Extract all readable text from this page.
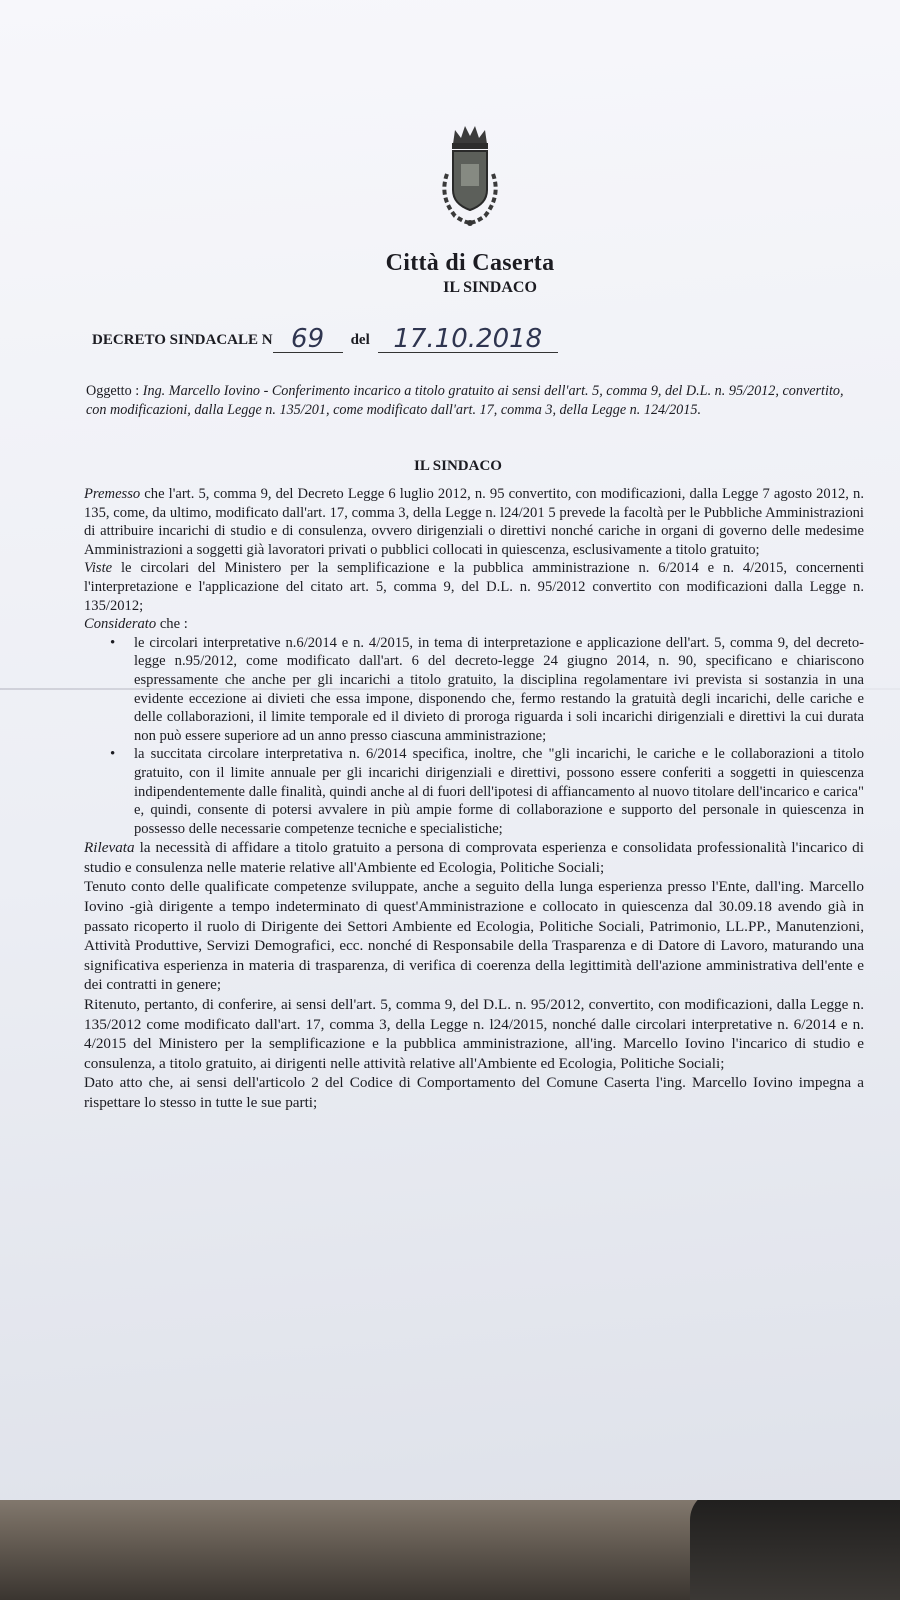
Città di Caserta
IL SINDACO
DECRETO SINDACALE N 69	del 17.10.2018
Oggetto : Ing. Marcello Iovino - Conferimento incarico a titolo gratuito ai sensi dell'art. 5, comma 9, del D.L. n. 95/2012, convertito, con modificazioni, dalla Legge n. 135/201, come modificato dall'art. 17, comma 3, della Legge n. 124/2015.
IL SINDACO

Premesso che l'art. 5, comma 9, del Decreto Legge 6 luglio 2012, n. 95 convertito, con modificazioni, dalla Legge 7 agosto 2012, n. 135, come, da ultimo, modificato dall'art. 17, comma 3, della Legge n. l24/201 5 prevede la facoltà per le Pubbliche Amministrazioni di attribuire incarichi di studio e di consulenza, ovvero dirigenziali o direttivi nonché cariche in organi di governo delle medesime Amministrazioni a soggetti già lavoratori privati o pubblici collocati in quiescenza, esclusivamente a titolo gratuito;

Viste le circolari del Ministero per la semplificazione e la pubblica amministrazione n. 6/2014 e n. 4/2015, concernenti l'interpretazione e l'applicazione del citato art. 5, comma 9, del D.L. n. 95/2012 convertito con modificazioni dalla Legge n. 135/2012;

Considerato che :

• le circolari interpretative n.6/2014 e n. 4/2015, in tema di interpretazione e applicazione dell'art. 5, comma 9, del decreto- legge n.95/2012, come modificato dall'art. 6 del decreto-legge 24 giugno 2014, n. 90, specificano e chiariscono espressamente che anche per gli incarichi a titolo gratuito, la disciplina regolamentare ivi prevista si sostanzia in una evidente eccezione ai divieti che essa impone, disponendo che, fermo restando la gratuità degli incarichi, delle cariche e delle collaborazioni, il limite temporale ed il divieto di proroga riguarda i soli incarichi dirigenziali e direttivi la cui durata non può essere superiore ad un anno presso ciascuna amministrazione;
• la succitata circolare interpretativa n. 6/2014 specifica, inoltre, che "gli incarichi, le cariche e le collaborazioni a titolo gratuito, con il limite annuale per gli incarichi dirigenziali e direttivi, possono essere conferiti a soggetti in quiescenza indipendentemente dalle finalità, quindi anche al di fuori dell'ipotesi di affiancamento al nuovo titolare dell'incarico e carica" e, quindi, consente di potersi avvalere in più ampie forme di collaborazione e supporto del personale in quiescenza in possesso delle necessarie competenze tecniche e specialistiche;

Rilevata la necessità di affidare a titolo gratuito a persona di comprovata esperienza e consolidata professionalità l'incarico di studio e consulenza nelle materie relative all'Ambiente ed Ecologia, Politiche Sociali;

Tenuto conto delle qualificate competenze sviluppate, anche a seguito della lunga esperienza presso l'Ente, dall'ing. Marcello Iovino -già dirigente a tempo indeterminato di quest'Amministrazione e collocato in quiescenza dal 30.09.18 avendo già in passato ricoperto il ruolo di Dirigente dei Settori Ambiente ed Ecologia, Politiche Sociali, Patrimonio, LL.PP., Manutenzioni, Attività Produttive, Servizi Demografici, ecc. nonché di Responsabile della Trasparenza e di Datore di Lavoro, maturando una significativa esperienza in materia di trasparenza, di verifica di coerenza della legittimità dell'azione amministrativa dell'ente e dei contratti in genere;

Ritenuto, pertanto, di conferire, ai sensi dell'art. 5, comma 9, del D.L. n. 95/2012, convertito, con modificazioni, dalla Legge n. 135/2012 come modificato dall'art. 17, comma 3, della Legge n. l24/2015, nonché dalle circolari interpretative n. 6/2014 e n. 4/2015 del Ministero per la semplificazione e la pubblica amministrazione, all'ing. Marcello Iovino l'incarico di studio e consulenza, a titolo gratuito, ai dirigenti nelle attività relative all'Ambiente ed Ecologia, Politiche Sociali;

Dato atto che, ai sensi dell'articolo 2 del Codice di Comportamento del Comune Caserta l'ing. Marcello Iovino impegna a rispettare lo stesso in tutte le sue parti;
